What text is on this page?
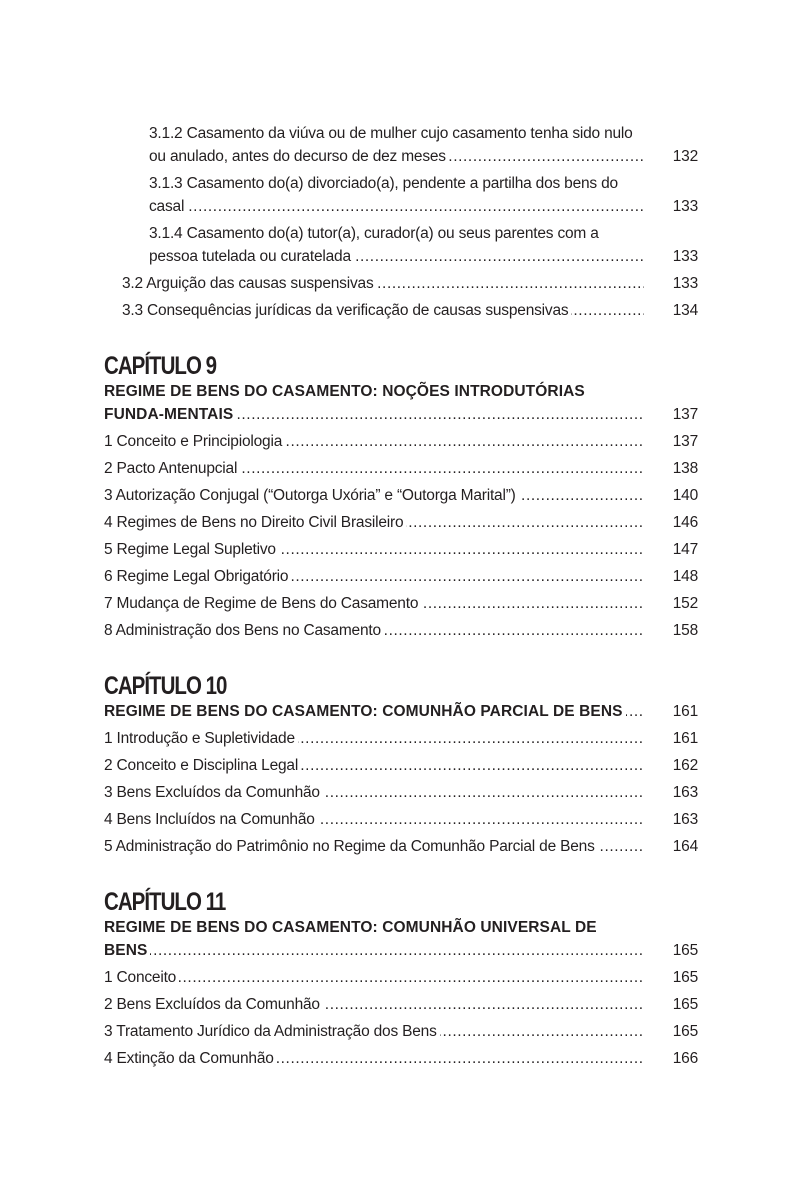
3.1.2 Casamento da viúva ou de mulher cujo casamento tenha sido nulo ou anulado, antes do decurso de dez meses .....	132
3.1.3 Casamento do(a) divorciado(a), pendente a partilha dos bens do casal .....	133
3.1.4 Casamento do(a) tutor(a), curador(a) ou seus parentes com a pessoa tutelada ou curatelada .....	133
3.2 Arguição das causas suspensivas .....	133
3.3 Consequências jurídicas da verificação de causas suspensivas .....	134
CAPÍTULO 9
REGIME DE BENS DO CASAMENTO: NOÇÕES INTRODUTÓRIAS FUNDA-MENTAIS .....	137
1 Conceito e Principiologia .....	137
2 Pacto Antenupcial .....	138
3 Autorização Conjugal (“Outorga Uxória” e “Outorga Marital”) .....	140
4 Regimes de Bens no Direito Civil Brasileiro .....	146
5 Regime Legal Supletivo .....	147
6 Regime Legal Obrigatório .....	148
7 Mudança de Regime de Bens do Casamento .....	152
8 Administração dos Bens no Casamento .....	158
CAPÍTULO 10
REGIME DE BENS DO CASAMENTO: COMUNHÃO PARCIAL DE BENS .....	161
1 Introdução e Supletividade .....	161
2 Conceito e Disciplina Legal .....	162
3 Bens Excluídos da Comunhão .....	163
4 Bens Incluídos na Comunhão .....	163
5 Administração do Patrimônio no Regime da Comunhão Parcial de Bens .....	164
CAPÍTULO 11
REGIME DE BENS DO CASAMENTO: COMUNHÃO UNIVERSAL DE BENS .....	165
1 Conceito .....	165
2 Bens Excluídos da Comunhão .....	165
3 Tratamento Jurídico da Administração dos Bens .....	165
4 Extinção da Comunhão .....	166
